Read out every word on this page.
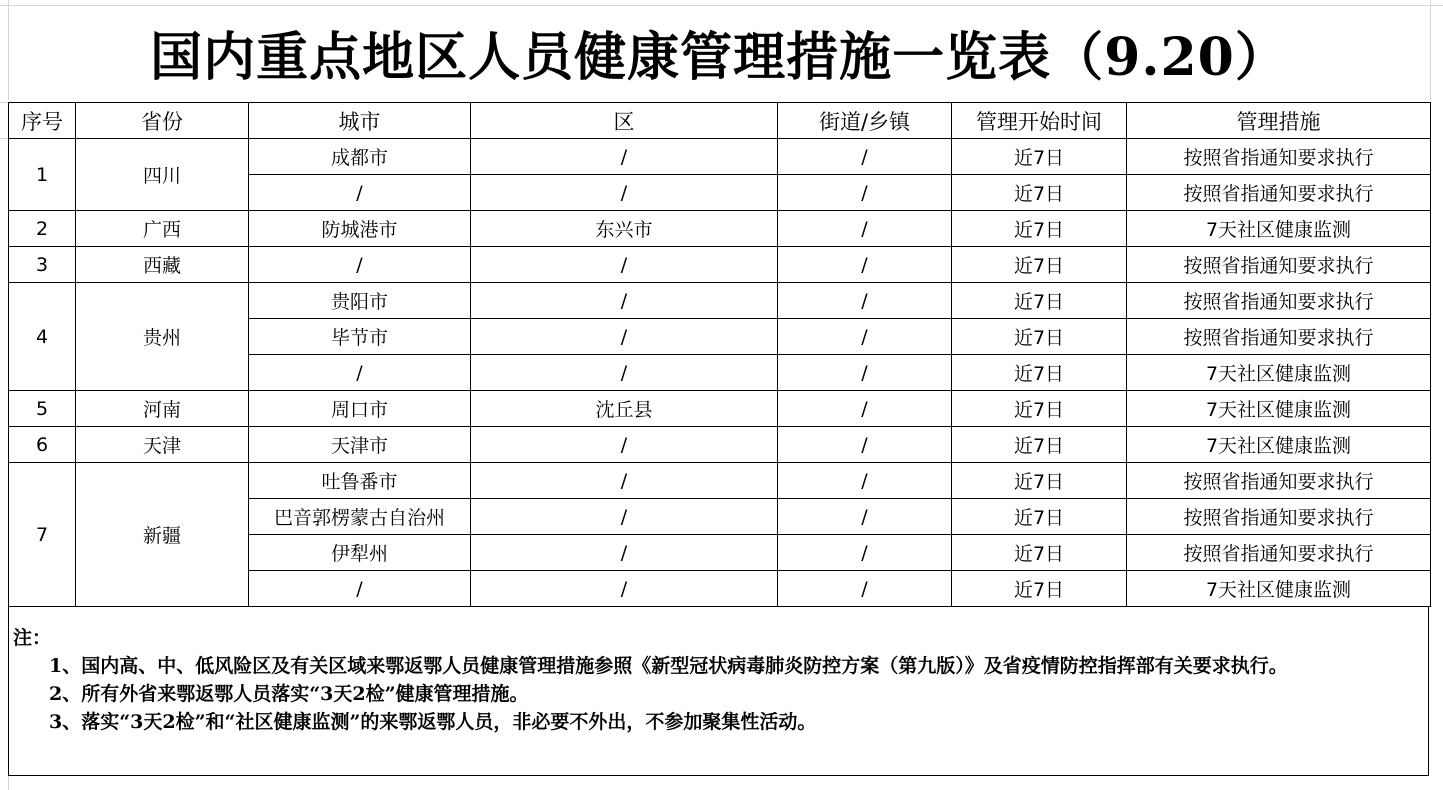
国内重点地区人员健康管理措施一览表（9.20）
序号	省份	城市	区	街道/乡镇	管理开始时间	管理措施
1	四川	成都市	/	/	近7日	按照省指通知要求执行
		/	/	/	近7日	按照省指通知要求执行
2	广西	防城港市	东兴市	/	近7日	7天社区健康监测
3	西藏	/	/	/	近7日	按照省指通知要求执行
4	贵州	贵阳市	/	/	近7日	按照省指通知要求执行
		毕节市	/	/	近7日	按照省指通知要求执行
		/	/	/	近7日	7天社区健康监测
5	河南	周口市	沈丘县	/	近7日	7天社区健康监测
6	天津	天津市	/	/	近7日	7天社区健康监测
7	新疆	吐鲁番市	/	/	近7日	按照省指通知要求执行
		巴音郭楞蒙古自治州	/	/	近7日	按照省指通知要求执行
		伊犁州	/	/	近7日	按照省指通知要求执行
		/	/	/	近7日	7天社区健康监测

注：

1、国内高、中、低风险区及有关区域来鄂返鄂人员健康管理措施参照《新型冠状病毒肺炎防控方案（第九版）》及省疫情防控指挥部有关要求执行。

2、所有外省来鄂返鄂人员落实“3天2检”健康管理措施。

3、落实“3天2检”和“社区健康监测”的来鄂返鄂人员，非必要不外出，不参加聚集性活动。
